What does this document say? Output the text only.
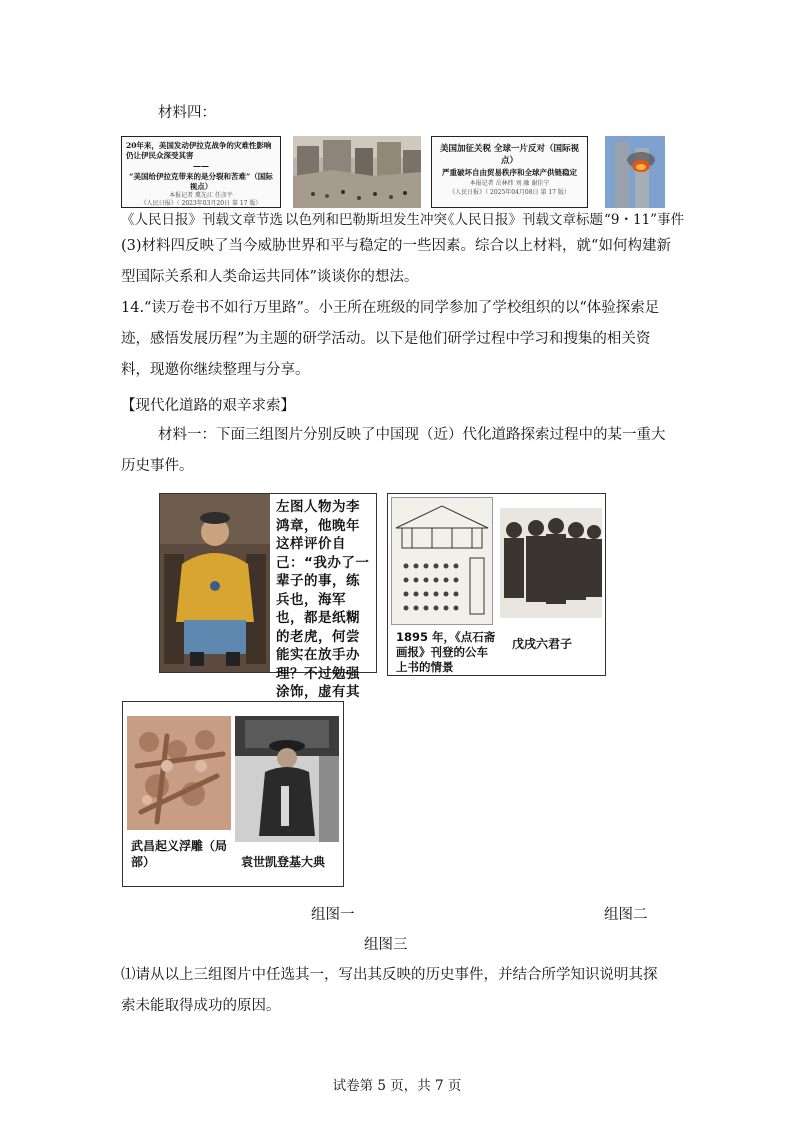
材料四：
20年来，美国发动伊拉克战争的灾难性影响仍让伊民众深受其害
——
“美国给伊拉克带来的是分裂和苦难”（国际视点）
本报记者 冀先江 任彦平
《人民日报》（ 2023年03月20日 第 17 版）
美国加征关税 全球一片反对（国际视点）
严重破坏自由贸易秩序和全球产供链稳定
本报记者 岳林炜 刘 融 谢佳宁
《人民日报》（ 2025年04月08日 第 17 版）
《人民日报》刊载文章节选 以色列和巴勒斯坦发生冲突
《人民日报》刊载文章标题 “9・11”事件
(3)材料四反映了当今威胁世界和平与稳定的一些因素。综合以上材料，就“如何构建新型国际关系和人类命运共同体”谈谈你的想法。
14.“读万卷书不如行万里路”。小王所在班级的同学参加了学校组织的以“体验探索足迹，感悟发展历程”为主题的研学活动。以下是他们研学过程中学习和搜集的相关资料，现邀你继续整理与分享。
【现代化道路的艰辛求索】
材料一：下面三组图片分别反映了中国现（近）代化道路探索过程中的某一重大历史事件。
左图人物为李鸿章，他晚年这样评价自己：“我办了一辈子的事，练兵也，海军也，都是纸糊的老虎，何尝能实在放手办理？不过勉强涂饰，虚有其
1895 年，《点石斋画报》刊登的公车上书的情景
戊戌六君子
武昌起义浮雕（局部）	袁世凯登基大典
组图一	组图二
组图三
⑴请从以上三组图片中任选其一，写出其反映的历史事件，并结合所学知识说明其探索未能取得成功的原因。
试卷第 5 页，共 7 页
